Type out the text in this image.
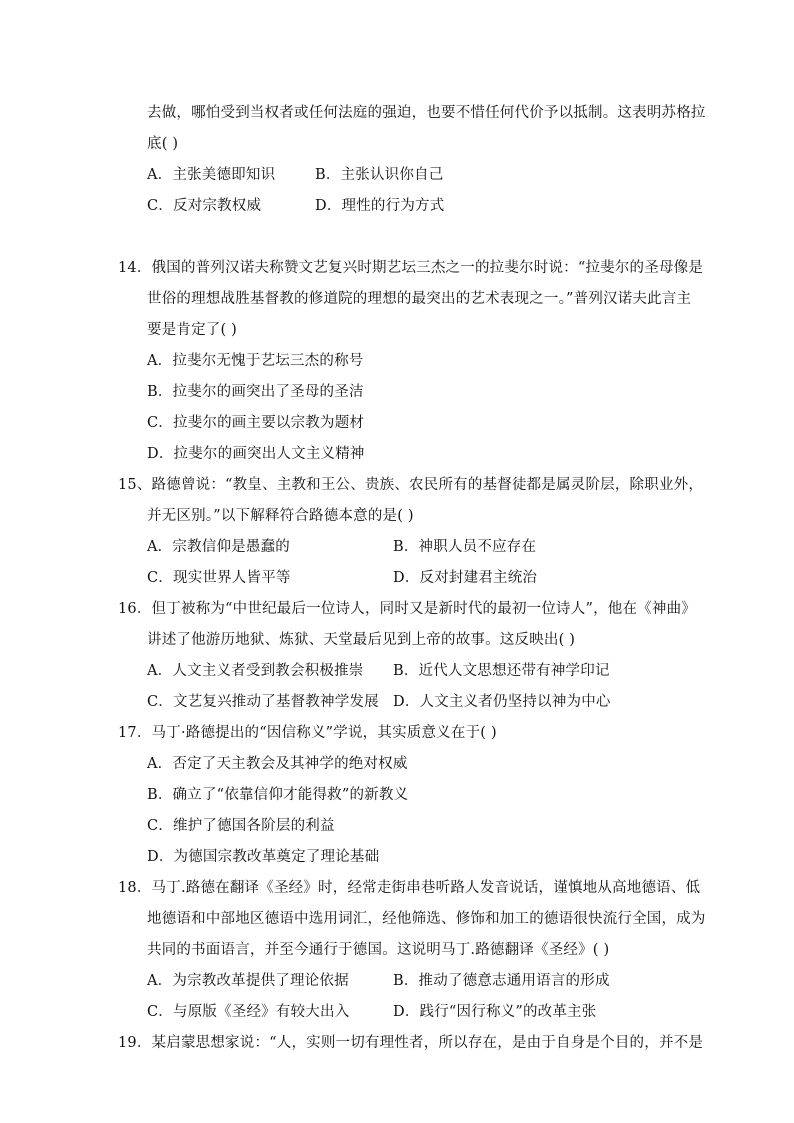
去做，哪怕受到当权者或任何法庭的强迫，也要不惜任何代价予以抵制。这表明苏格拉
底( )
A．主张美德即知识	B．主张认识你自己
C．反对宗教权威	D．理性的行为方式
14．俄国的普列汉诺夫称赞文艺复兴时期艺坛三杰之一的拉斐尔时说：“拉斐尔的圣母像是
世俗的理想战胜基督教的修道院的理想的最突出的艺术表现之一。”普列汉诺夫此言主
要是肯定了( )
A．拉斐尔无愧于艺坛三杰的称号
B．拉斐尔的画突出了圣母的圣洁
C．拉斐尔的画主要以宗教为题材
D．拉斐尔的画突出人文主义精神
15、路德曾说：“教皇、主教和王公、贵族、农民所有的基督徒都是属灵阶层，除职业外，
并无区别。”以下解释符合路德本意的是( )
A．宗教信仰是愚蠢的	B．神职人员不应存在
C．现实世界人皆平等	D．反对封建君主统治
16．但丁被称为“中世纪最后一位诗人，同时又是新时代的最初一位诗人”，他在《神曲》
讲述了他游历地狱、炼狱、天堂最后见到上帝的故事。这反映出( )
A．人文主义者受到教会积极推崇 B．近代人文思想还带有神学印记
C．文艺复兴推动了基督教神学发展 D．人文主义者仍坚持以神为中心
17．马丁·路德提出的“因信称义”学说，其实质意义在于( )
A．否定了天主教会及其神学的绝对权威
B．确立了“依靠信仰才能得救”的新教义
C．维护了德国各阶层的利益
D．为德国宗教改革奠定了理论基础
18．马丁.路德在翻译《圣经》时，经常走街串巷听路人发音说话，谨慎地从高地德语、低
地德语和中部地区德语中选用词汇，经他筛选、修饰和加工的德语很快流行全国，成为
共同的书面语言，并至今通行于德国。这说明马丁.路德翻译《圣经》( )
A．为宗教改革提供了理论依据	B．推动了德意志通用语言的形成
C．与原版《圣经》有较大出入	D．践行“因行称义”的改革主张
19．某启蒙思想家说：“人，实则一切有理性者，所以存在，是由于自身是个目的，并不是
